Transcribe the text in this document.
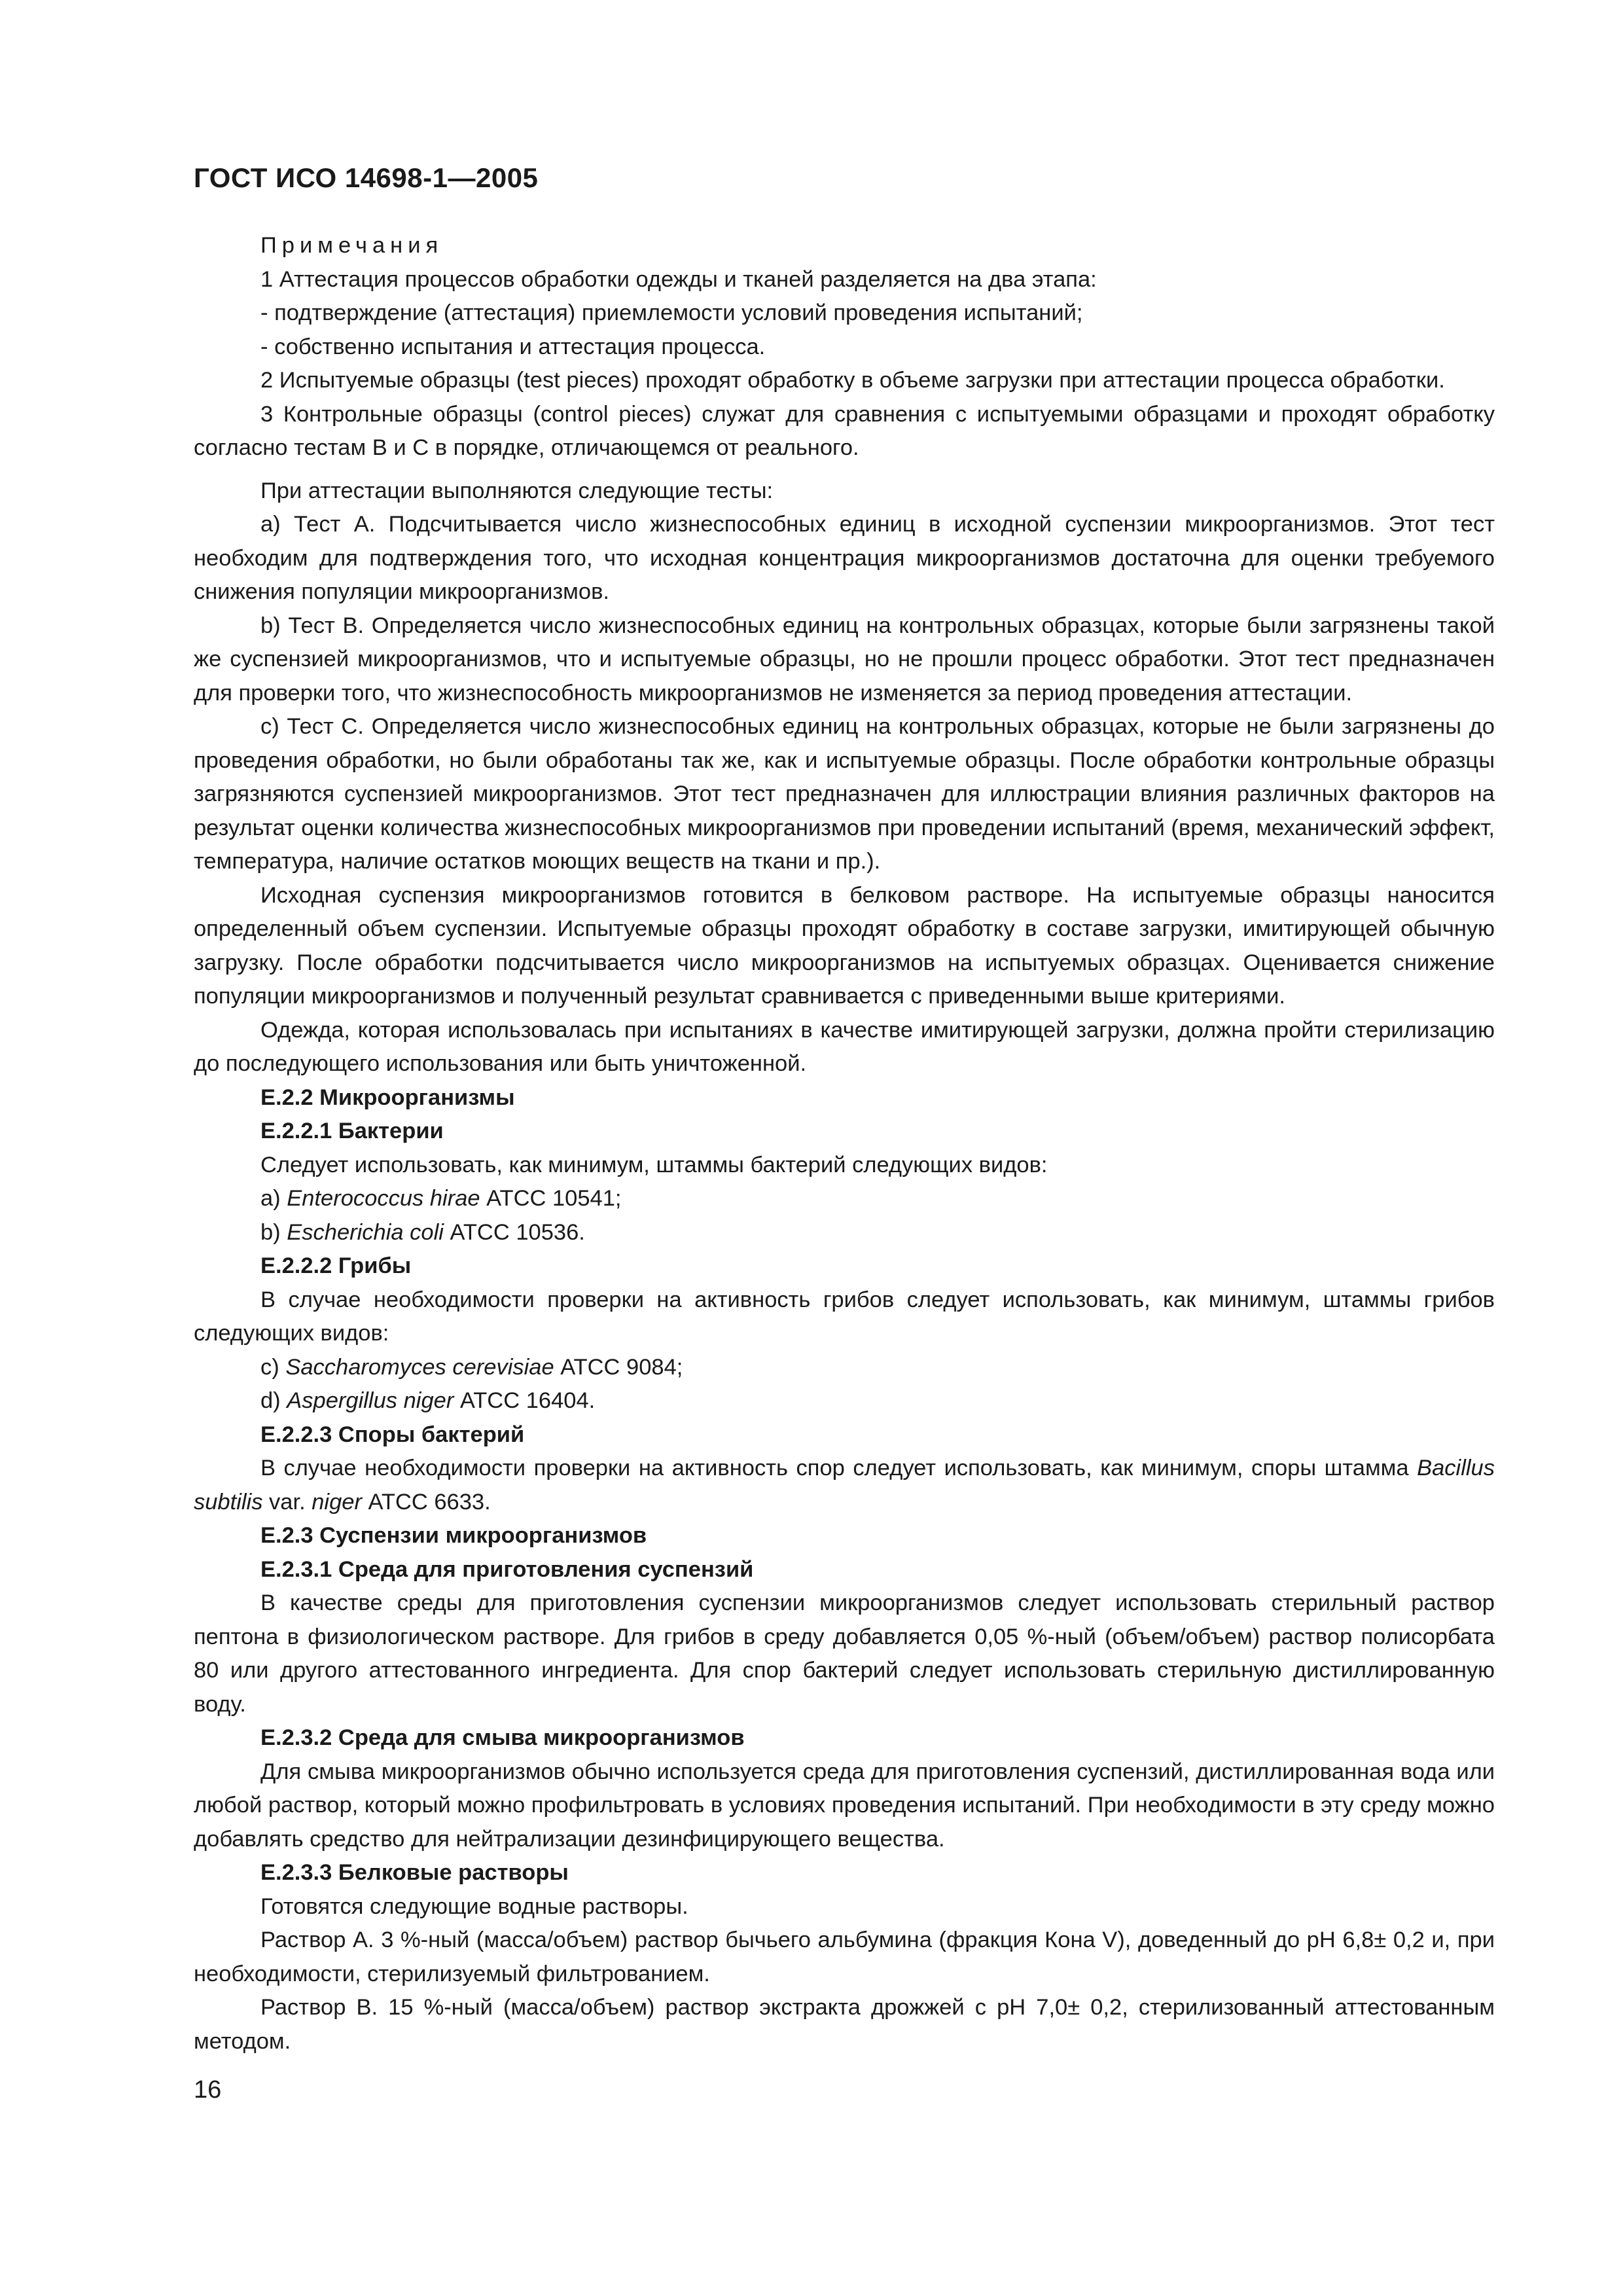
ГОСТ ИСО 14698-1—2005

Примечания

1 Аттестация процессов обработки одежды и тканей разделяется на два этапа:

- подтверждение (аттестация) приемлемости условий проведения испытаний;

- собственно испытания и аттестация процесса.

2 Испытуемые образцы (test pieces) проходят обработку в объеме загрузки при аттестации процесса обработки.

3 Контрольные образцы (control pieces) служат для сравнения с испытуемыми образцами и проходят обработку согласно тестам В и С в порядке, отличающемся от реального.

При аттестации выполняются следующие тесты:

а) Тест А. Подсчитывается число жизнеспособных единиц в исходной суспензии микроорганизмов. Этот тест необходим для подтверждения того, что исходная концентрация микроорганизмов достаточна для оценки требуемого снижения популяции микроорганизмов.

b) Тест В. Определяется число жизнеспособных единиц на контрольных образцах, которые были загрязнены такой же суспензией микроорганизмов, что и испытуемые образцы, но не прошли процесс обработки. Этот тест предназначен для проверки того, что жизнеспособность микроорганизмов не изменяется за период проведения аттестации.

с) Тест С. Определяется число жизнеспособных единиц на контрольных образцах, которые не были загрязнены до проведения обработки, но были обработаны так же, как и испытуемые образцы. После обработки контрольные образцы загрязняются суспензией микроорганизмов. Этот тест предназначен для иллюстрации влияния различных факторов на результат оценки количества жизнеспособных микроорганизмов при проведении испытаний (время, механический эффект, температура, наличие остатков моющих веществ на ткани и пр.).

Исходная суспензия микроорганизмов готовится в белковом растворе. На испытуемые образцы наносится определенный объем суспензии. Испытуемые образцы проходят обработку в составе загрузки, имитирующей обычную загрузку. После обработки подсчитывается число микроорганизмов на испытуемых образцах. Оценивается снижение популяции микроорганизмов и полученный результат сравнивается с приведенными выше критериями.

Одежда, которая использовалась при испытаниях в качестве имитирующей загрузки, должна пройти стерилизацию до последующего использования или быть уничтоженной.

Е.2.2 Микроорганизмы

Е.2.2.1 Бактерии

Следует использовать, как минимум, штаммы бактерий следующих видов:

а) Enterococcus hirae АТСС 10541;

b) Escherichia coli АТСС 10536.

Е.2.2.2 Грибы

В случае необходимости проверки на активность грибов следует использовать, как минимум, штаммы грибов следующих видов:

с) Saccharomyces cerevisiae АТСС 9084;

d) Aspergillus niger АТСС 16404.

Е.2.2.3 Споры бактерий

В случае необходимости проверки на активность спор следует использовать, как минимум, споры штамма Bacillus subtilis var. niger АТСС 6633.

Е.2.3 Суспензии микроорганизмов

Е.2.3.1 Среда для приготовления суспензий

В качестве среды для приготовления суспензии микроорганизмов следует использовать стерильный раствор пептона в физиологическом растворе. Для грибов в среду добавляется 0,05 %-ный (объем/объем) раствор полисорбата 80 или другого аттестованного ингредиента. Для спор бактерий следует использовать стерильную дистиллированную воду.

Е.2.3.2 Среда для смыва микроорганизмов

Для смыва микроорганизмов обычно используется среда для приготовления суспензий, дистиллированная вода или любой раствор, который можно профильтровать в условиях проведения испытаний. При необходимости в эту среду можно добавлять средство для нейтрализации дезинфицирующего вещества.

Е.2.3.3 Белковые растворы

Готовятся следующие водные растворы.

Раствор А. 3 %-ный (масса/объем) раствор бычьего альбумина (фракция Кона V), доведенный до pH 6,8± 0,2 и, при необходимости, стерилизуемый фильтрованием.

Раствор В. 15 %-ный (масса/объем) раствор экстракта дрожжей с pH 7,0± 0,2, стерилизованный аттестованным методом.

16
